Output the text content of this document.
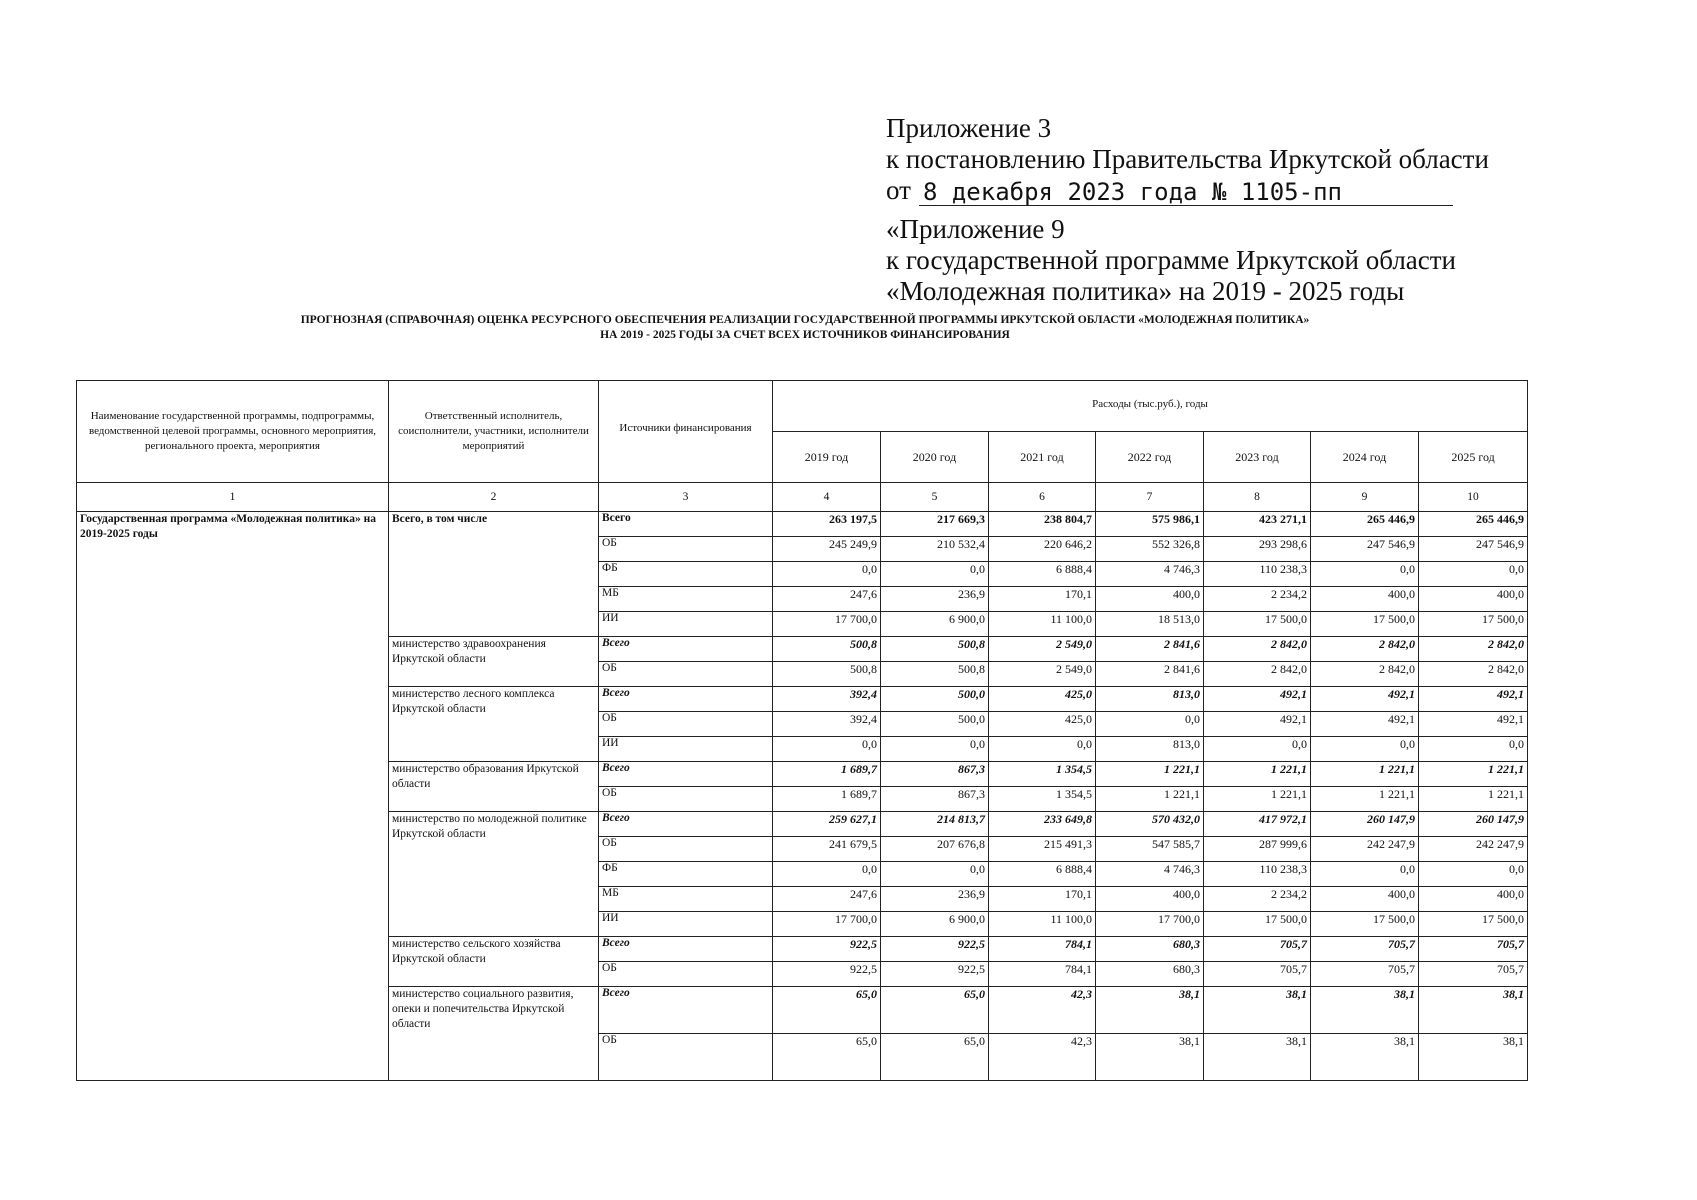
Приложение 3
к постановлению Правительства Иркутской области
от 8 декабря 2023 года № 1105-пп
«Приложение 9
к государственной программе Иркутской области
«Молодежная политика» на 2019 - 2025 годы
ПРОГНОЗНАЯ (СПРАВОЧНАЯ) ОЦЕНКА РЕСУРСНОГО ОБЕСПЕЧЕНИЯ РЕАЛИЗАЦИИ ГОСУДАРСТВЕННОЙ ПРОГРАММЫ ИРКУТСКОЙ ОБЛАСТИ «МОЛОДЕЖНАЯ ПОЛИТИКА»
НА 2019 - 2025 ГОДЫ ЗА СЧЕТ ВСЕХ ИСТОЧНИКОВ ФИНАНСИРОВАНИЯ
Наименование государственной программы, подпрограммы, ведомственной целевой программы, основного мероприятия, регионального проекта, мероприятия	Ответственный исполнитель, соисполнители, участники, исполнители мероприятий	Источники финансирования	Расходы (тыс.руб.), годы						
			2019 год	2020 год	2021 год	2022 год	2023 год	2024 год	2025 год
1	2	3	4	5	6	7	8	9	10
Государственная программа «Молодежная политика» на 2019-2025 годы	Всего, в том числе	Всего	263 197,5	217 669,3	238 804,7	575 986,1	423 271,1	265 446,9	265 446,9
		ОБ	245 249,9	210 532,4	220 646,2	552 326,8	293 298,6	247 546,9	247 546,9
		ФБ	0,0	0,0	6 888,4	4 746,3	110 238,3	0,0	0,0
		МБ	247,6	236,9	170,1	400,0	2 234,2	400,0	400,0
		ИИ	17 700,0	6 900,0	11 100,0	18 513,0	17 500,0	17 500,0	17 500,0
	министерство здравоохранения Иркутской области	Всего	500,8	500,8	2 549,0	2 841,6	2 842,0	2 842,0	2 842,0
		ОБ	500,8	500,8	2 549,0	2 841,6	2 842,0	2 842,0	2 842,0
	министерство лесного комплекса Иркутской области	Всего	392,4	500,0	425,0	813,0	492,1	492,1	492,1
		ОБ	392,4	500,0	425,0	0,0	492,1	492,1	492,1
		ИИ	0,0	0,0	0,0	813,0	0,0	0,0	0,0
	министерство образования Иркутской области	Всего	1 689,7	867,3	1 354,5	1 221,1	1 221,1	1 221,1	1 221,1
		ОБ	1 689,7	867,3	1 354,5	1 221,1	1 221,1	1 221,1	1 221,1
	министерство по молодежной политике Иркутской области	Всего	259 627,1	214 813,7	233 649,8	570 432,0	417 972,1	260 147,9	260 147,9
		ОБ	241 679,5	207 676,8	215 491,3	547 585,7	287 999,6	242 247,9	242 247,9
		ФБ	0,0	0,0	6 888,4	4 746,3	110 238,3	0,0	0,0
		МБ	247,6	236,9	170,1	400,0	2 234,2	400,0	400,0
		ИИ	17 700,0	6 900,0	11 100,0	17 700,0	17 500,0	17 500,0	17 500,0
	министерство сельского хозяйства Иркутской области	Всего	922,5	922,5	784,1	680,3	705,7	705,7	705,7
		ОБ	922,5	922,5	784,1	680,3	705,7	705,7	705,7
	министерство социального развития, опеки и попечительства Иркутской области	Всего	65,0	65,0	42,3	38,1	38,1	38,1	38,1
		ОБ	65,0	65,0	42,3	38,1	38,1	38,1	38,1
